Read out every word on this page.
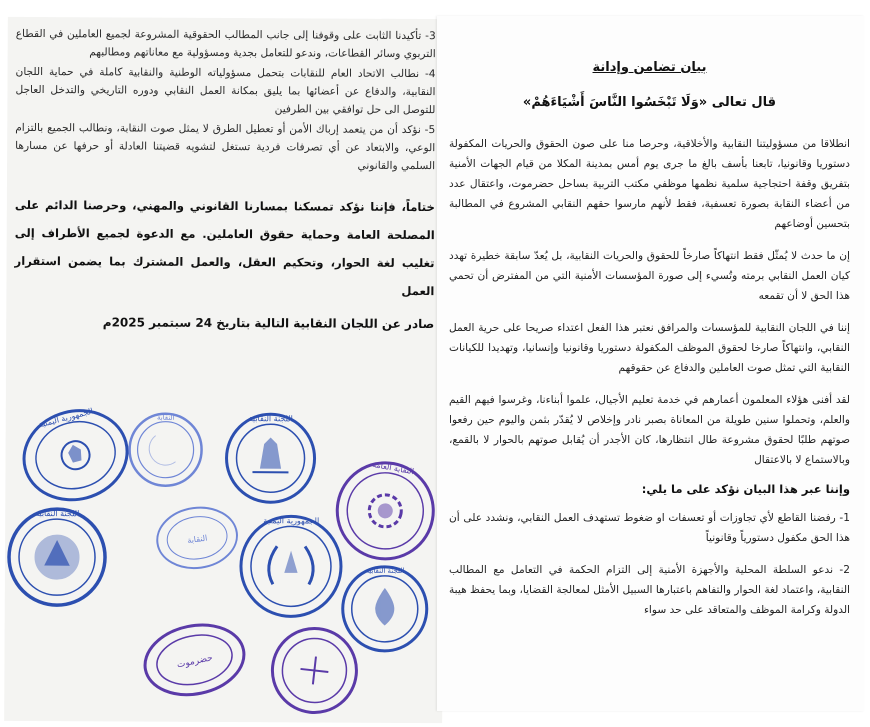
3- تأكيدنا الثابت على وقوفنا إلى جانب المطالب الحقوقية المشروعة لجميع العاملين في القطاع التربوي وسائر القطاعات، وندعو للتعامل بجدية ومسؤولية مع معاناتهم ومطالبهم

4- نطالب الاتحاد العام للنقابات بتحمل مسؤولياته الوطنية والنقابية كاملة في حماية اللجان النقابية، والدفاع عن أعضائها بما يليق بمكانة العمل النقابي ودوره التاريخي والتدخل العاجل للتوصل الى حل توافقي بين الطرفين

5- نؤكد أن من يتعمد إرباك الأمن أو تعطيل الطرق لا يمثل صوت النقابة، ونطالب الجميع بالتزام الوعي، والابتعاد عن أي تصرفات فردية تستغل لتشويه قضيتنا العادلة أو حرفها عن مسارها السلمي والقانوني

ختاماً، فإننا نؤكد تمسكنا بمسارنا القانوني والمهني، وحرصنا الدائم على المصلحة العامة وحماية حقوق العاملين. مع الدعوة لجميع الأطراف إلى تغليب لغة الحوار، وتحكيم العقل، والعمل المشترك بما يضمن استقرار العمل

صادر عن اللجان النقابية التالية بتاريخ 24 سبتمبر 2025م

الجمهورية اليمنية	النقابة	اللجنة النقابية
النقابة العامة
اللجنة النقابية
النقابة
الجمهورية اليمنية
اللجنة النقابية
حضرموت
بيان تضامن وإدانة
قال تعالى «وَلَا تَبْخَسُوا النَّاسَ أَشْيَاءَهُمْ»

انطلاقا من مسؤوليتنا النقابية والأخلاقية، وحرصا منا على صون الحقوق والحريات المكفولة دستوريا وقانونيا، تابعنا بأسف بالغ ما جرى يوم أمس بمدينة المكلا من قيام الجهات الأمنية بتفريق وقفة احتجاجية سلمية نظمها موظفي مكتب التربية بساحل حضرموت، واعتقال عدد من أعضاء النقابة بصورة تعسفية، فقط لأنهم مارسوا حقهم النقابي المشروع في المطالبة بتحسين أوضاعهم

إن ما حدث لا يُمثّل فقط انتهاكاً صارخاً للحقوق والحريات النقابية، بل يُعدّ سابقة خطيرة تهدد كيان العمل النقابي برمته وتُسيء إلى صورة المؤسسات الأمنية التي من المفترض أن تحمي هذا الحق لا أن تقمعه

إننا في اللجان النقابية للمؤسسات والمرافق نعتبر هذا الفعل اعتداء صريحا على حرية العمل النقابي، وانتهاكاً صارخا لحقوق الموظف المكفولة دستوريا وقانونيا وإنسانيا، وتهديدا للكيانات النقابية التي تمثل صوت العاملين والدفاع عن حقوقهم

لقد أفنى هؤلاء المعلمون أعمارهم في خدمة تعليم الأجيال، علموا أبناءنا، وغرسوا فيهم القيم والعلم، وتحملوا سنين طويلة من المعاناة بصبر نادر وإخلاص لا يُقدّر بثمن واليوم حين رفعوا صوتهم طلبًا لحقوق مشروعة طال انتظارها، كان الأجدر أن يُقابل صوتهم بالحوار لا بالقمع، وبالاستماع لا بالاعتقال

وإننا عبر هذا البيان نؤكد على ما يلي:

1- رفضنا القاطع لأي تجاوزات أو تعسفات او ضغوط تستهدف العمل النقابي، ونشدد على أن هذا الحق مكفول دستورياً وقانونياً

2- ندعو السلطة المحلية والأجهزة الأمنية إلى التزام الحكمة في التعامل مع المطالب النقابية، واعتماد لغة الحوار والتفاهم باعتبارها السبيل الأمثل لمعالجة القضايا، وبما يحفظ هيبة الدولة وكرامة الموظف والمتعاقد على حد سواء
